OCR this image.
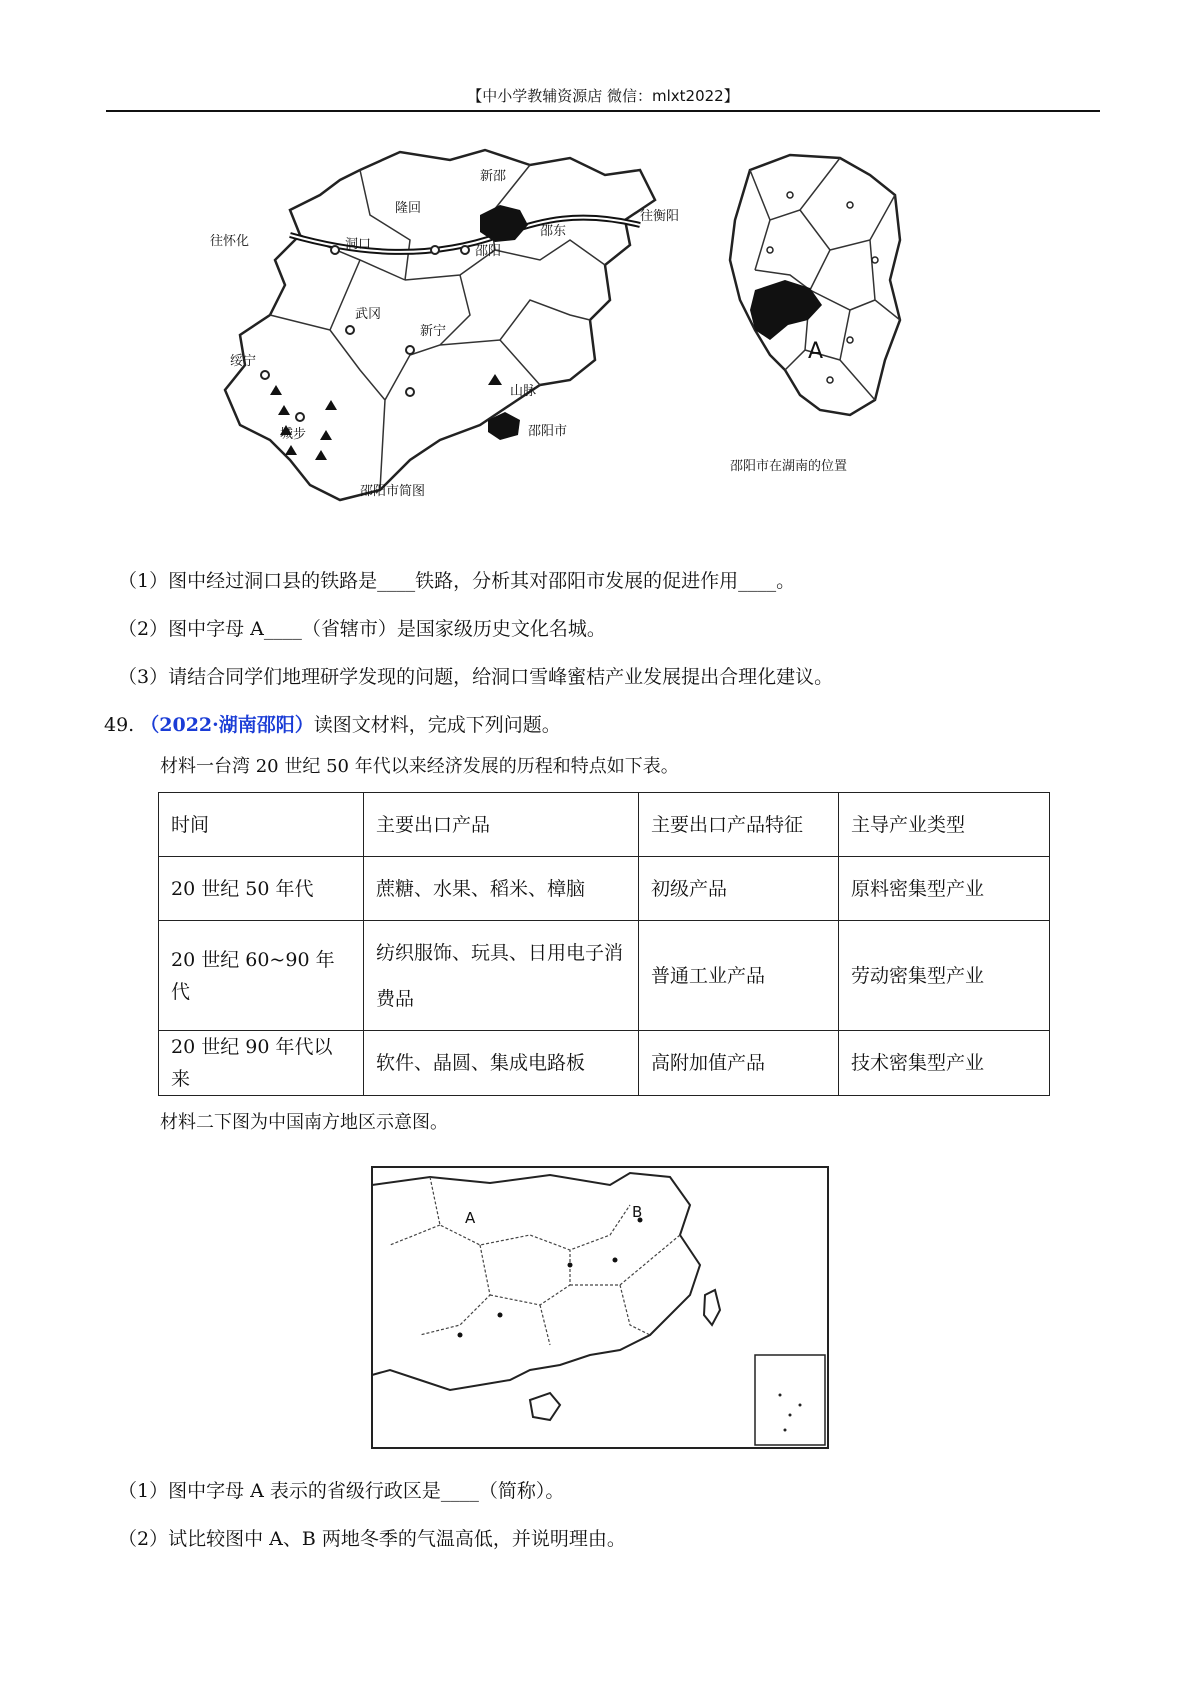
【中小学教辅资源店 微信：mlxt2022】
往怀化
往衡阳
新邵
隆回
洞口
邵东
邵阳
武冈
新宁
绥宁
城步
山脉
邵阳市
邵阳市简图
A
邵阳市在湖南的位置
（1）图中经过洞口县的铁路是____铁路，分析其对邵阳市发展的促进作用____。
（2）图中字母 A____（省辖市）是国家级历史文化名城。
（3）请结合同学们地理研学发现的问题，给洞口雪峰蜜桔产业发展提出合理化建议。
49. （2022·湖南邵阳）读图文材料，完成下列问题。
材料一台湾 20 世纪 50 年代以来经济发展的历程和特点如下表。
时间	主要出口产品	主要出口产品特征	主导产业类型
20 世纪 50 年代	蔗糖、水果、稻米、樟脑	初级产品	原料密集型产业
20 世纪 60~90 年代	纺织服饰、玩具、日用电子消费品	普通工业产品	劳动密集型产业
20 世纪 90 年代以来	软件、晶圆、集成电路板	高附加值产品	技术密集型产业
材料二下图为中国南方地区示意图。
A	B
（1）图中字母 A 表示的省级行政区是____（简称）。
（2）试比较图中 A、B 两地冬季的气温高低，并说明理由。
